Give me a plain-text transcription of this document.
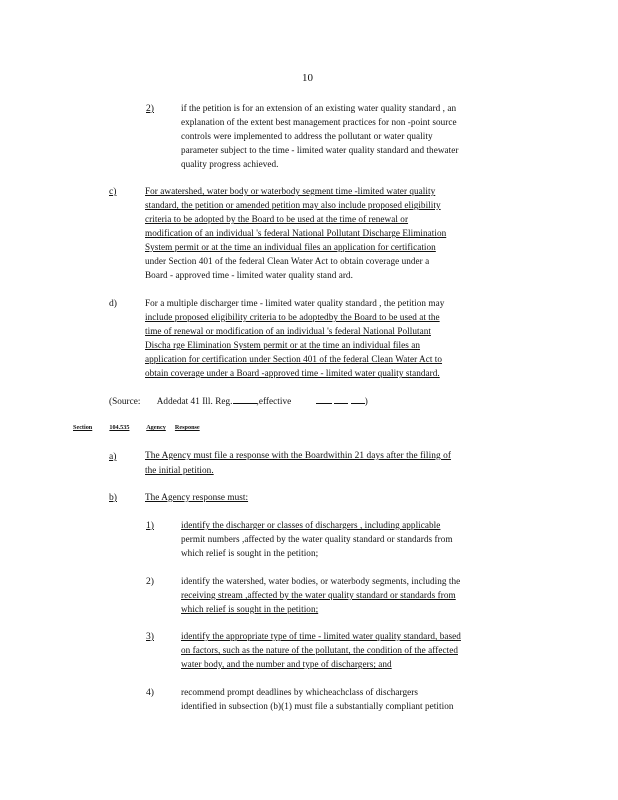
10
2)	if the petition is for an extension of an existing water quality standard , an
explanation of the extent best management practices for non -point source
controls were implemented to address the pollutant or water quality
parameter subject to the time - limited water quality standard and thewater
quality progress achieved.
c)	For awatershed, water body or waterbody segment time -limited water quality
standard, the petition or amended petition may also include proposed eligibility
criteria to be adopted by the Board to be used at the time of renewal or
modification of an individual 's federal National Pollutant Discharge Elimination
System permit or at the time an individual files an application for certification
under Section 401 of the federal Clean Water Act to obtain coverage under a
Board - approved time - limited water quality stand ard.
d)	For a multiple discharger time - limited water quality standard , the petition may
include proposed eligibility criteria to be adoptedby the Board to be used at the
time of renewal or modification of an individual 's federal National Pollutant
Discha rge Elimination System permit or at the time an individual files an
application for certification under Section 401 of the federal Clean Water Act to
obtain coverage under a Board -approved time - limited water quality standard.
(Source: Addedat 41 Ill. Reg.	,effective	)
Section	104.535	Agency Response
a)	The Agency must file a response with the Boardwithin 21 days after the filing of
the initial petition.
b)	The Agency response must:
1)	identify the discharger or classes of dischargers , including applicable
permit numbers ,affected by the water quality standard or standards from
which relief is sought in the petition;
2)	identify the watershed, water bodies, or waterbody segments, including the
receiving stream ,affected by the water quality standard or standards from
which relief is sought in the petition;
3)	identify the appropriate type of time - limited water quality standard, based
on factors, such as the nature of the pollutant, the condition of the affected
water body, and the number and type of dischargers; and
4)	recommend prompt deadlines by whicheachclass of dischargers
identified in subsection (b)(1) must file a substantially compliant petition
